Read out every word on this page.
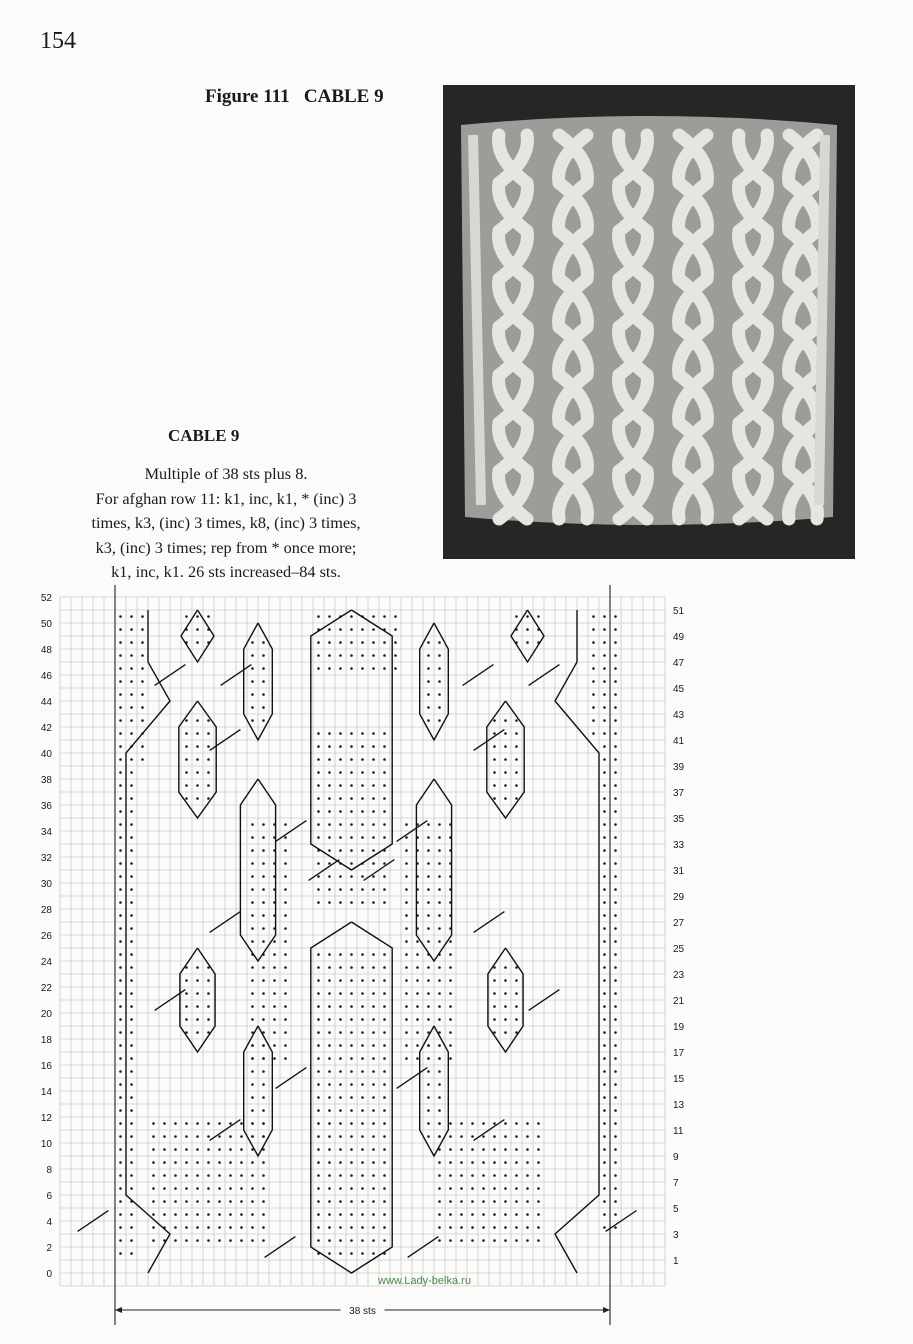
154
Figure 111   CABLE 9
CABLE 9
Multiple of 38 sts plus 8.
For afghan row 11: k1, inc, k1, * (inc) 3
times, k3, (inc) 3 times, k8, (inc) 3 times,
k3, (inc) 3 times; rep from * once more;
k1, inc, k1. 26 sts increased–84 sts.
52
50
48
46
44
42
40
38
36
34
32
30
28
26
24
22
20
18
16
14
12
10
8
6
4
2
0
51
49
47
45
43
41
39
37
35
33
31
29
27
25
23
21
19
17
15
13
11
9
7
5
3
1
38 sts
www.Lady-belka.ru
